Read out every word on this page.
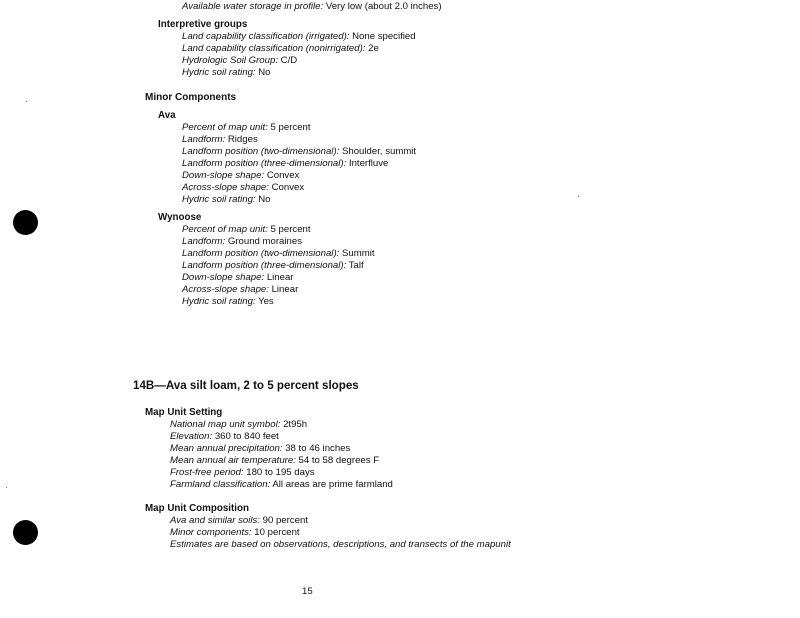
Available water storage in profile: Very low (about 2.0 inches)
Interpretive groups
Land capability classification (irrigated): None specified
Land capability classification (nonirrigated): 2e
Hydrologic Soil Group: C/D
Hydric soil rating: No
Minor Components
Ava
Percent of map unit: 5 percent
Landform: Ridges
Landform position (two-dimensional): Shoulder, summit
Landform position (three-dimensional): Interfluve
Down-slope shape: Convex
Across-slope shape: Convex
Hydric soil rating: No
Wynoose
Percent of map unit: 5 percent
Landform: Ground moraines
Landform position (two-dimensional): Summit
Landform position (three-dimensional): Talf
Down-slope shape: Linear
Across-slope shape: Linear
Hydric soil rating: Yes
14B—Ava silt loam, 2 to 5 percent slopes
Map Unit Setting
National map unit symbol: 2t95h
Elevation: 360 to 840 feet
Mean annual precipitation: 38 to 46 inches
Mean annual air temperature: 54 to 58 degrees F
Frost-free period: 180 to 195 days
Farmland classification: All areas are prime farmland
Map Unit Composition
Ava and similar soils: 90 percent
Minor components: 10 percent
Estimates are based on observations, descriptions, and transects of the mapunit
15
